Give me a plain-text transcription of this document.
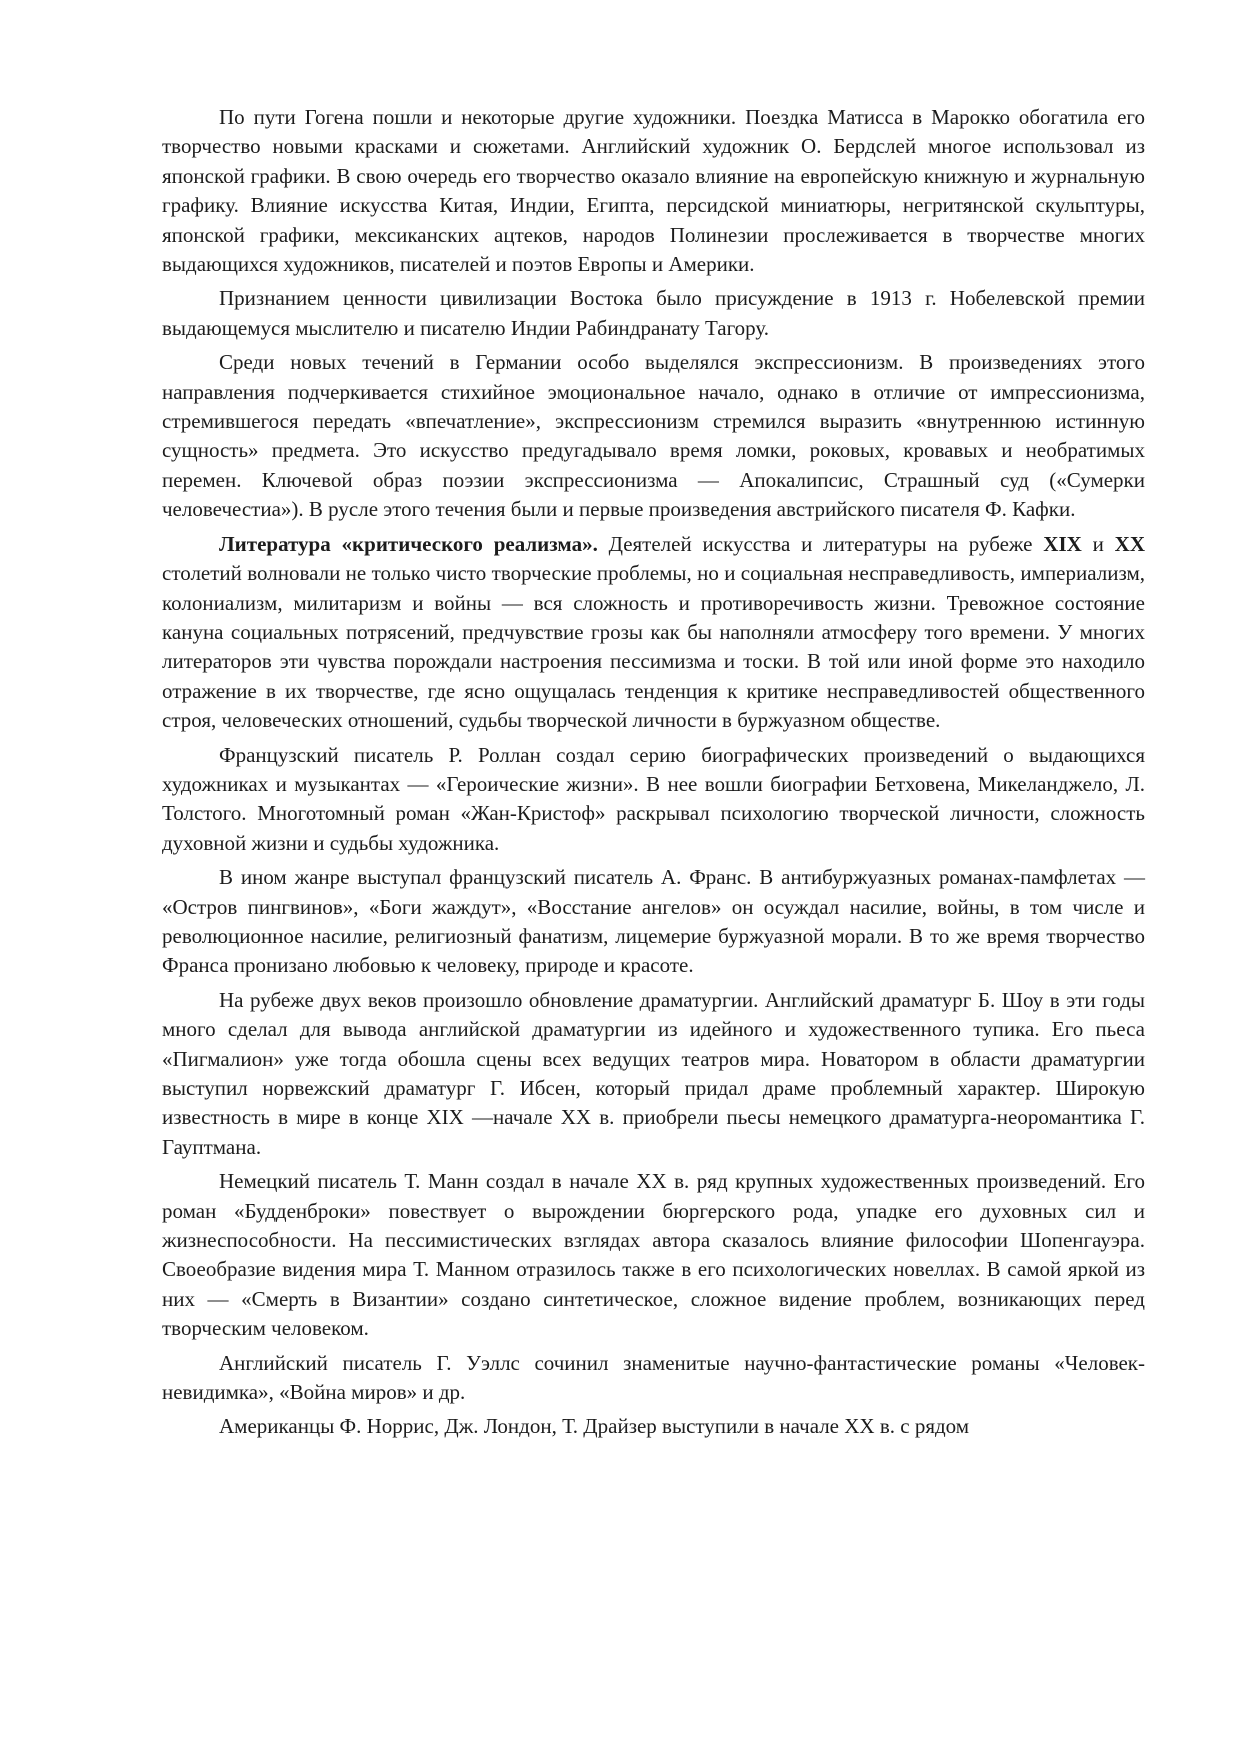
По пути Гогена пошли и некоторые другие художники. Поездка Матисса в Марокко обогатила его творчество новыми красками и сюжетами. Английский художник О. Бердслей многое использовал из японской графики. В свою очередь его творчество оказало влияние на европейскую книжную и журнальную графику. Влияние искусства Китая, Индии, Египта, персидской миниатюры, негритянской скульптуры, японской графики, мексиканских ацтеков, народов Полинезии прослеживается в творчестве многих выдающихся художников, писателей и поэтов Европы и Америки.

Признанием ценности цивилизации Востока было присуждение в 1913 г. Нобелевской премии выдающемуся мыслителю и писателю Индии Рабиндранату Тагору.

Среди новых течений в Германии особо выделялся экспрессионизм. В произведениях этого направления подчеркивается стихийное эмоциональное начало, однако в отличие от импрессионизма, стремившегося передать «впечатление», экспрессионизм стремился выразить «внутреннюю истинную сущность» предмета. Это искусство предугадывало время ломки, роковых, кровавых и необратимых перемен. Ключевой образ поэзии экспрессионизма — Апокалипсис, Страшный суд («Сумерки человечестиа»). В русле этого течения были и первые произведения австрийского писателя Ф. Кафки.

Литература «критического реализма». Деятелей искусства и литературы на рубеже XIX и XX столетий волновали не только чисто творческие проблемы, но и социальная несправедливость, империализм, колониализм, милитаризм и войны — вся сложность и противоречивость жизни. Тревожное состояние кануна социальных потрясений, предчувствие грозы как бы наполняли атмосферу того времени. У многих литераторов эти чувства порождали настроения пессимизма и тоски. В той или иной форме это находило отражение в их творчестве, где ясно ощущалась тенденция к критике несправедливостей общественного строя, человеческих отношений, судьбы творческой личности в буржуазном обществе.

Французский писатель Р. Роллан создал серию биографических произведений о выдающихся художниках и музыкантах — «Героические жизни». В нее вошли биографии Бетховена, Микеланджело, Л. Толстого. Многотомный роман «Жан-Кристоф» раскрывал психологию творческой личности, сложность духовной жизни и судьбы художника.

В ином жанре выступал французский писатель А. Франс. В антибуржуазных романах-памфлетах — «Остров пингвинов», «Боги жаждут», «Восстание ангелов» он осуждал насилие, войны, в том числе и революционное насилие, религиозный фанатизм, лицемерие буржуазной морали. В то же время творчество Франса пронизано любовью к человеку, природе и красоте.

На рубеже двух веков произошло обновление драматургии. Английский драматург Б. Шоу в эти годы много сделал для вывода английской драматургии из идейного и художественного тупика. Его пьеса «Пигмалион» уже тогда обошла сцены всех ведущих театров мира. Новатором в области драматургии выступил норвежский драматург Г. Ибсен, который придал драме проблемный характер. Широкую известность в мире в конце XIX —начале XX в. приобрели пьесы немецкого драматурга-неоромантика Г. Гауптмана.

Немецкий писатель Т. Манн создал в начале XX в. ряд крупных художественных произведений. Его роман «Будденброки» повествует о вырождении бюргерского рода, упадке его духовных сил и жизнеспособности. На пессимистических взглядах автора сказалось влияние философии Шопенгауэра. Своеобразие видения мира Т. Манном отразилось также в его психологических новеллах. В самой яркой из них — «Смерть в Византии» создано синтетическое, сложное видение проблем, возникающих перед творческим человеком.

Английский писатель Г. Уэллс сочинил знаменитые научно-фантастические романы «Человек-невидимка», «Война миров» и др.

Американцы Ф. Норрис, Дж. Лондон, Т. Драйзер выступили в начале XX в. с рядом
